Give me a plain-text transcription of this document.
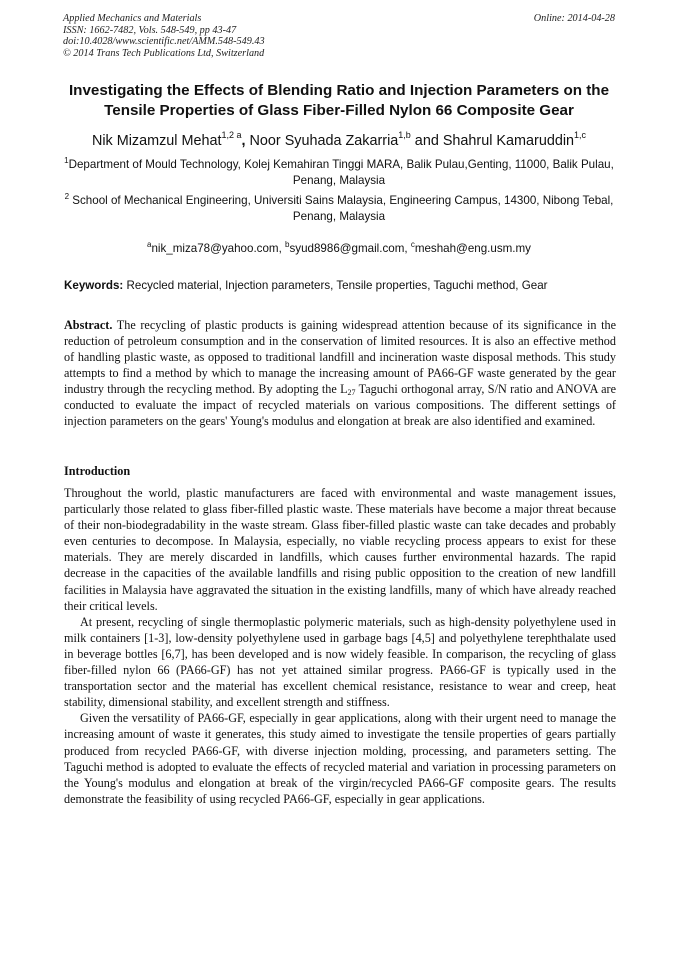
Applied Mechanics and Materials
ISSN: 1662-7482, Vols. 548-549, pp 43-47
doi:10.4028/www.scientific.net/AMM.548-549.43
© 2014 Trans Tech Publications Ltd, Switzerland
Online: 2014-04-28
Investigating the Effects of Blending Ratio and Injection Parameters on the Tensile Properties of Glass Fiber-Filled Nylon 66 Composite Gear
Nik Mizamzul Mehat$^{1,2 a}$, Noor Syuhada Zakarria$^{1,b}$ and Shahrul Kamaruddin$^{1,c}$
$^1$Department of Mould Technology, Kolej Kemahiran Tinggi MARA, Balik Pulau,Genting, 11000, Balik Pulau, Penang, Malaysia
$^2$ School of Mechanical Engineering, Universiti Sains Malaysia, Engineering Campus, 14300, Nibong Tebal, Penang, Malaysia
$^a$nik_miza78@yahoo.com, $^b$syud8986@gmail.com, $^c$meshah@eng.usm.my
Keywords: Recycled material, Injection parameters, Tensile properties, Taguchi method, Gear
Abstract. The recycling of plastic products is gaining widespread attention because of its significance in the reduction of petroleum consumption and in the conservation of limited resources. It is also an effective method of handling plastic waste, as opposed to traditional landfill and incineration waste disposal methods. This study attempts to find a method by which to manage the increasing amount of PA66-GF waste generated by the gear industry through the recycling method. By adopting the $L_{27}$ Taguchi orthogonal array, S/N ratio and ANOVA are conducted to evaluate the impact of recycled materials on various compositions. The different settings of injection parameters on the gears' Young's modulus and elongation at break are also identified and examined.
Introduction

Throughout the world, plastic manufacturers are faced with environmental and waste management issues, particularly those related to glass fiber-filled plastic waste. These materials have become a major threat because of their non-biodegradability in the waste stream. Glass fiber-filled plastic waste can take decades and probably even centuries to decompose. In Malaysia, especially, no viable recycling process appears to exist for these materials. They are merely discarded in landfills, which causes further environmental hazards. The rapid decrease in the capacities of the available landfills and rising public opposition to the creation of new landfill facilities in Malaysia have aggravated the situation in the existing landfills, many of which have already reached their critical levels.

At present, recycling of single thermoplastic polymeric materials, such as high-density polyethylene used in milk containers [1-3], low-density polyethylene used in garbage bags [4,5] and polyethylene terephthalate used in beverage bottles [6,7], has been developed and is now widely feasible. In comparison, the recycling of glass fiber-filled nylon 66 (PA66-GF) has not yet attained similar progress. PA66-GF is typically used in the transportation sector and the material has excellent chemical resistance, resistance to wear and creep, heat stability, dimensional stability, and excellent strength and stiffness.

Given the versatility of PA66-GF, especially in gear applications, along with their urgent need to manage the increasing amount of waste it generates, this study aimed to investigate the tensile properties of gears partially produced from recycled PA66-GF, with diverse injection molding, processing, and parameters setting. The Taguchi method is adopted to evaluate the effects of recycled material and variation in processing parameters on the Young's modulus and elongation at break of the virgin/recycled PA66-GF composite gears. The results demonstrate the feasibility of using recycled PA66-GF, especially in gear applications.
